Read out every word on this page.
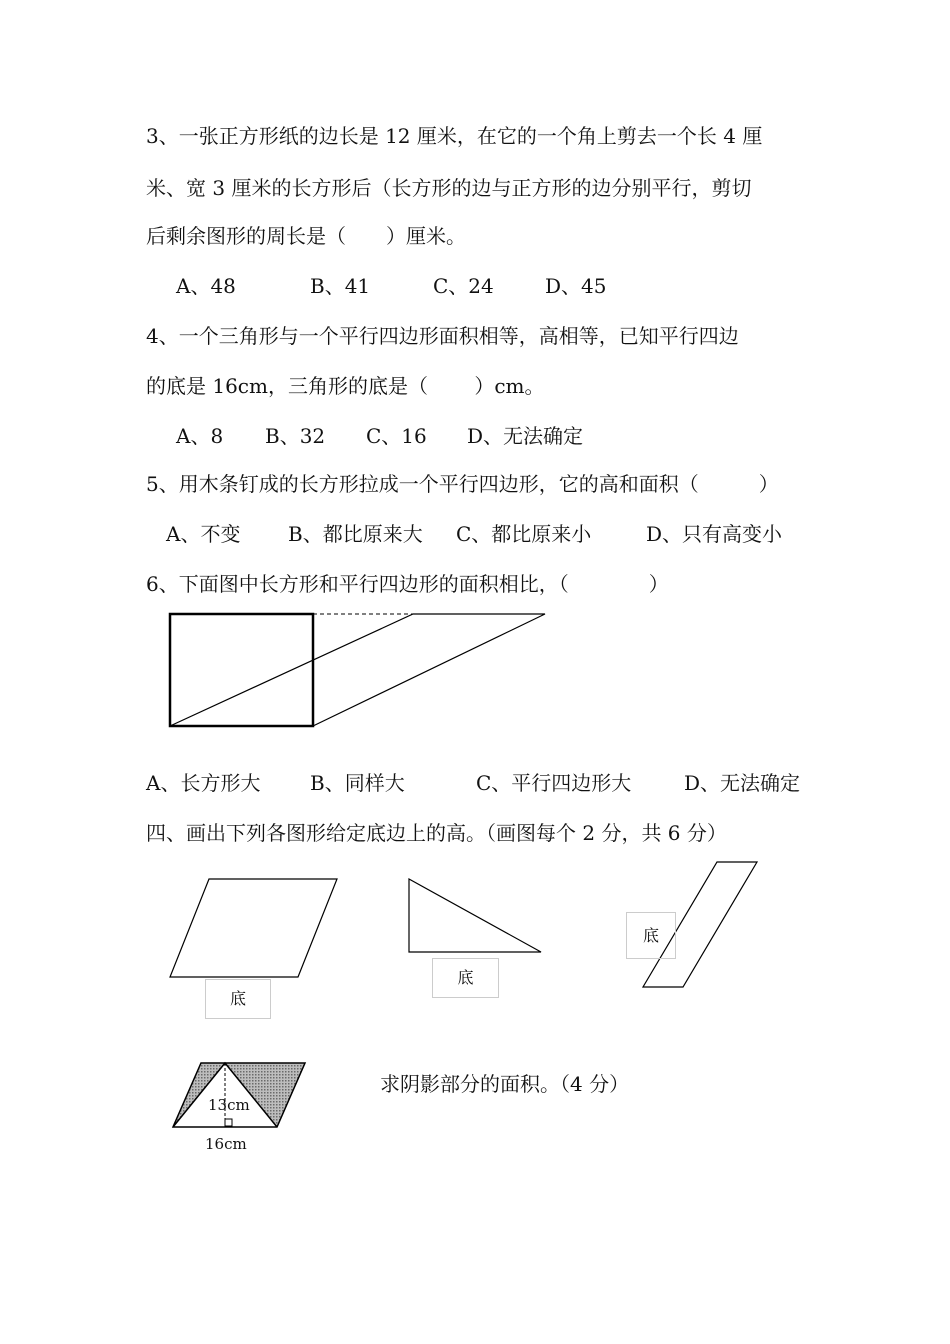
3、一张正方形纸的边长是 12 厘米，在它的一个角上剪去一个长 4 厘
米、宽 3 厘米的长方形后（长方形的边与正方形的边分别平行，剪切
后剩余图形的周长是（　　）厘米。
A、48	B、41	C、24	D、45
4、一个三角形与一个平行四边形面积相等，高相等，已知平行四边
的底是 16cm，三角形的底是（　　 ）cm。
A、8 B、32 C、16 D、无法确定
5、用木条钉成的长方形拉成一个平行四边形，它的高和面积（　　　）
A、不变 B、都比原来大 C、都比原来小	D、只有高变小
6、下面图中长方形和平行四边形的面积相比，（　　　　）
A、长方形大 B、同样大	C、平行四边形大	D、无法确定
四、画出下列各图形给定底边上的高。（画图每个 2 分，共 6 分）
底
底
底
13cm
16cm
求阴影部分的面积。（4 分）
